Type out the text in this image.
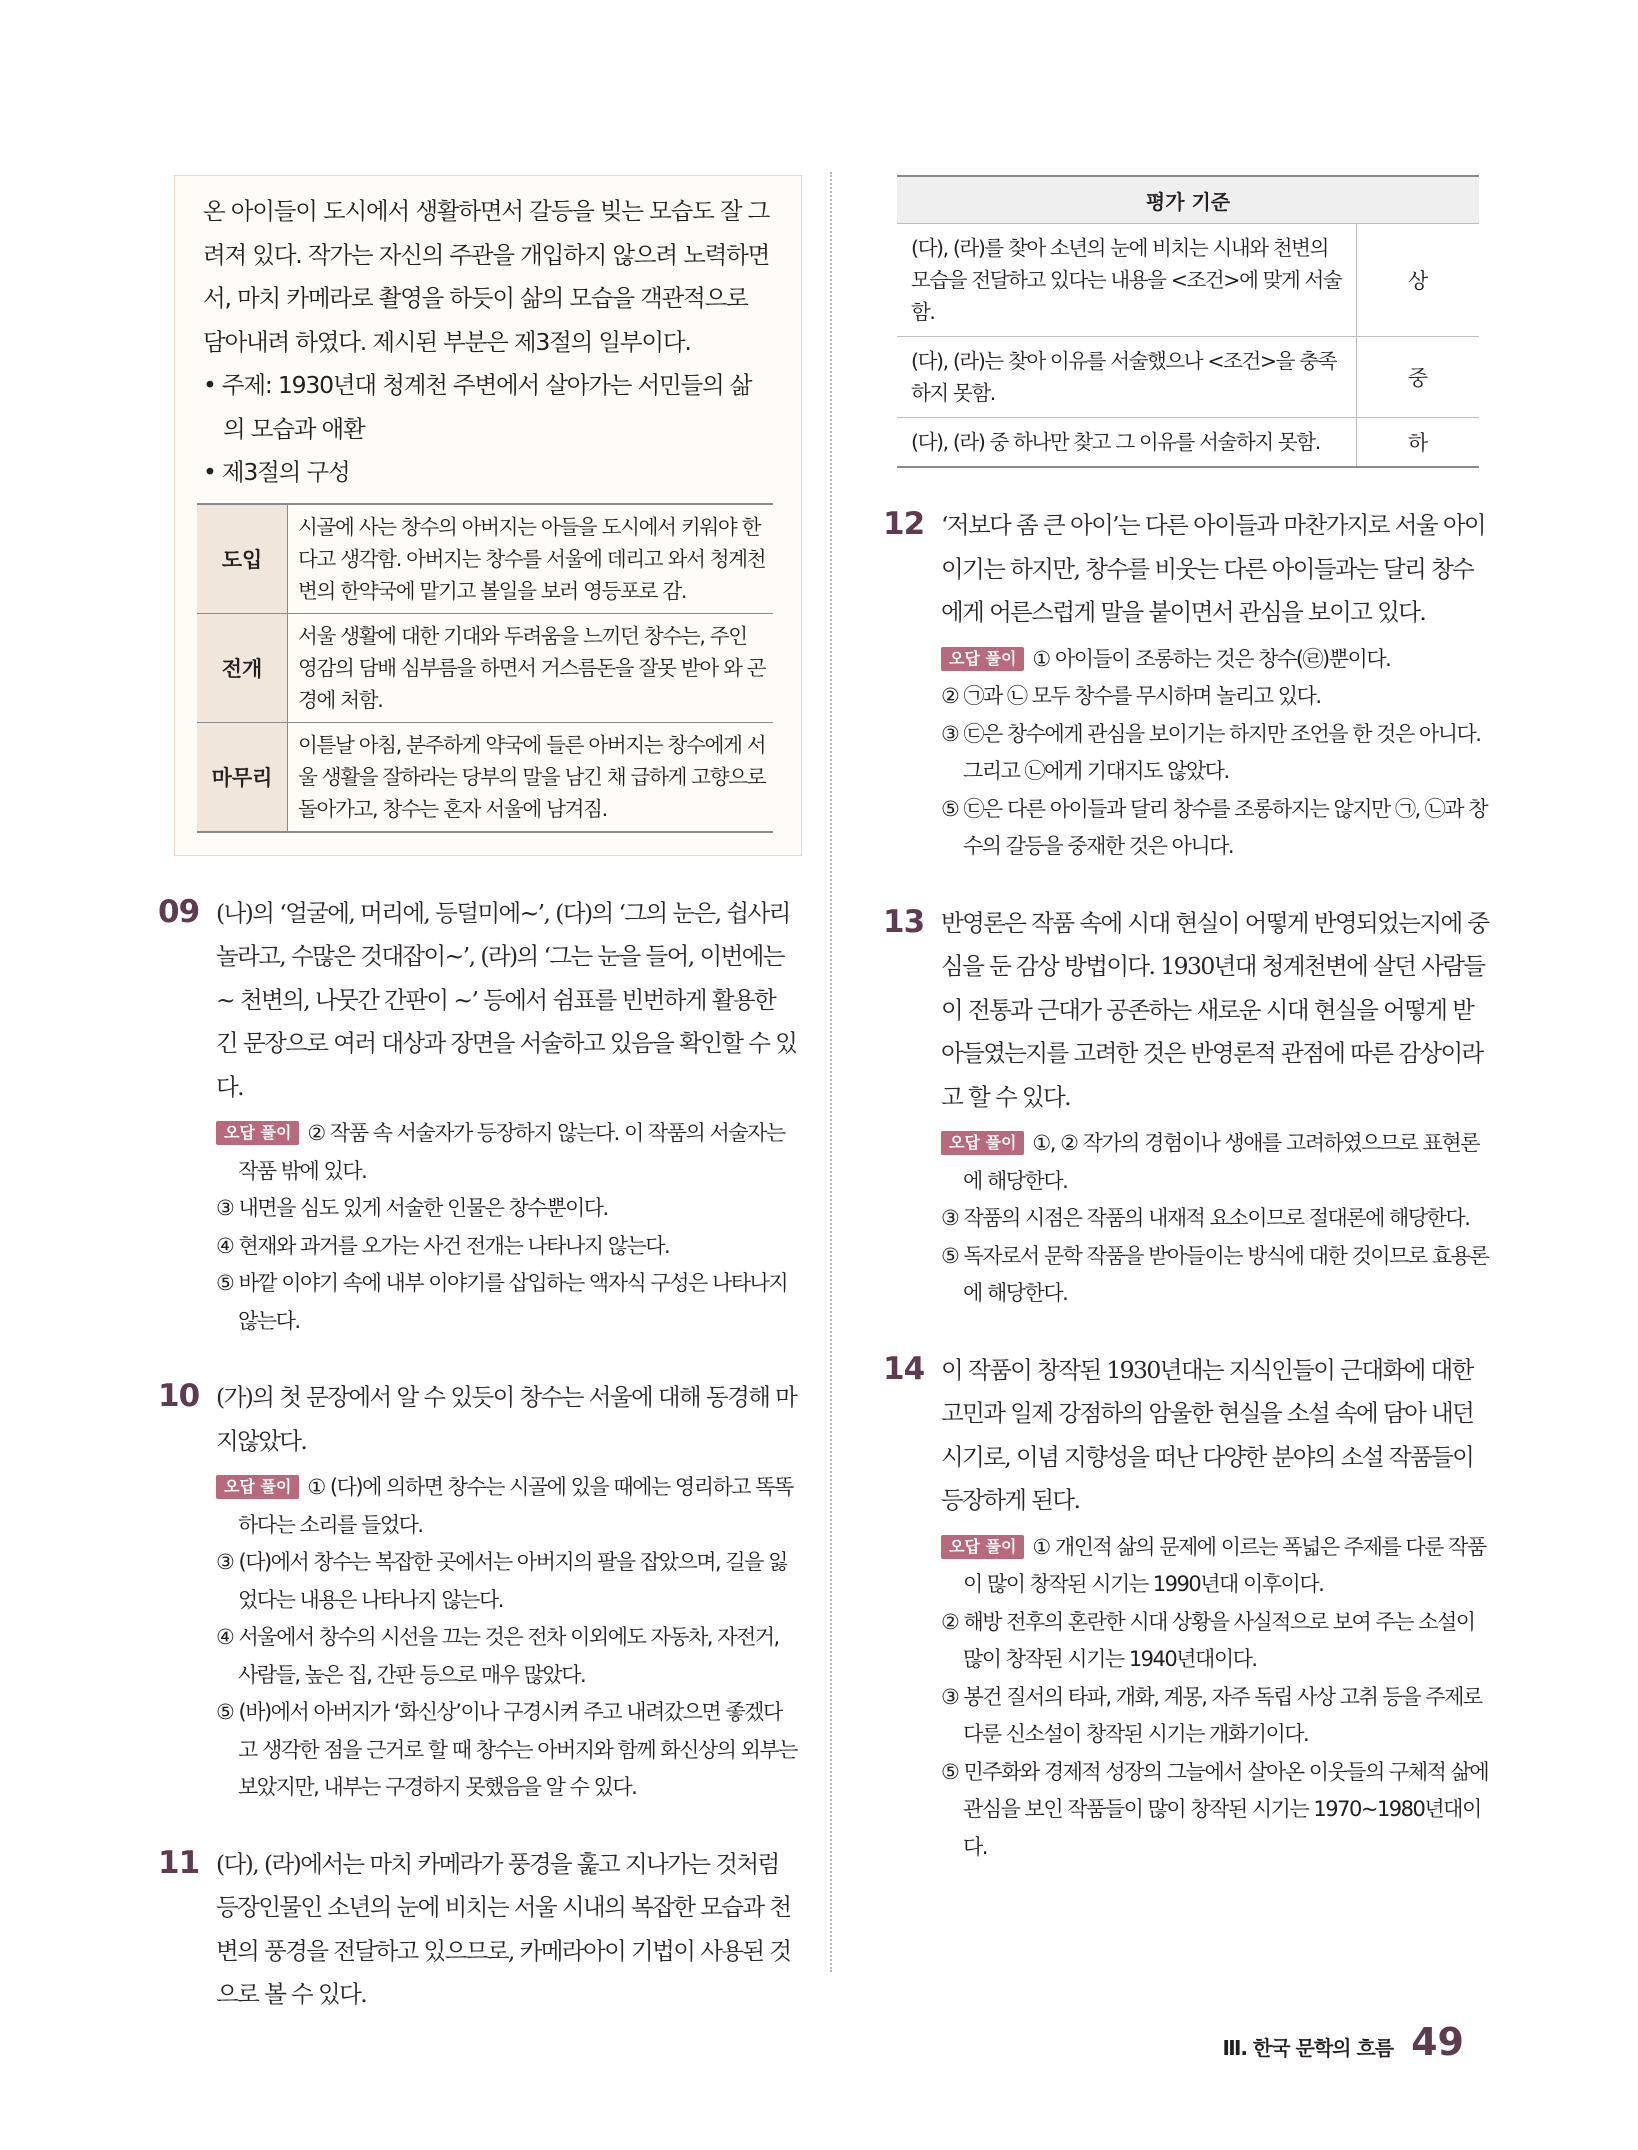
온 아이들이 도시에서 생활하면서 갈등을 빚는 모습도 잘 그려져 있다. 작가는 자신의 주관을 개입하지 않으려 노력하면서, 마치 카메라로 촬영을 하듯이 삶의 모습을 객관적으로 담아내려 하였다. 제시된 부분은 제3절의 일부이다.

• 주제: 1930년대 청계천 주변에서 살아가는 서민들의 삶의 모습과 애환

• 제3절의 구성

도입	시골에 사는 창수의 아버지는 아들을 도시에서 키워야 한다고 생각함. 아버지는 창수를 서울에 데리고 와서 청계천 변의 한약국에 맡기고 볼일을 보러 영등포로 감.
전개	서울 생활에 대한 기대와 두려움을 느끼던 창수는, 주인 영감의 담배 심부름을 하면서 거스름돈을 잘못 받아 와 곤경에 처함.
마무리	이튿날 아침, 분주하게 약국에 들른 아버지는 창수에게 서울 생활을 잘하라는 당부의 말을 남긴 채 급하게 고향으로 돌아가고, 창수는 혼자 서울에 남겨짐.
09 (나)의 ‘얼굴에, 머리에, 등덜미에~’, (다)의 ‘그의 눈은, 쉽사리 놀라고, 수많은 것대잡이~’, (라)의 ‘그는 눈을 들어, 이번에는 ~ 천변의, 나뭇간 간판이 ~’ 등에서 쉼표를 빈번하게 활용한 긴 문장으로 여러 대상과 장면을 서술하고 있음을 확인할 수 있다.

오답 풀이 ② 작품 속 서술자가 등장하지 않는다. 이 작품의 서술자는 작품 밖에 있다.

③ 내면을 심도 있게 서술한 인물은 창수뿐이다.

④ 현재와 과거를 오가는 사건 전개는 나타나지 않는다.

⑤ 바깥 이야기 속에 내부 이야기를 삽입하는 액자식 구성은 나타나지 않는다.

10 (가)의 첫 문장에서 알 수 있듯이 창수는 서울에 대해 동경해 마지않았다.

오답 풀이 ① (다)에 의하면 창수는 시골에 있을 때에는 영리하고 똑똑하다는 소리를 들었다.

③ (다)에서 창수는 복잡한 곳에서는 아버지의 팔을 잡았으며, 길을 잃었다는 내용은 나타나지 않는다.

④ 서울에서 창수의 시선을 끄는 것은 전차 이외에도 자동차, 자전거, 사람들, 높은 집, 간판 등으로 매우 많았다.

⑤ (바)에서 아버지가 ‘화신상’이나 구경시켜 주고 내려갔으면 좋겠다고 생각한 점을 근거로 할 때 창수는 아버지와 함께 화신상의 외부는 보았지만, 내부는 구경하지 못했음을 알 수 있다.

11 (다), (라)에서는 마치 카메라가 풍경을 훑고 지나가는 것처럼 등장인물인 소년의 눈에 비치는 서울 시내의 복잡한 모습과 천변의 풍경을 전달하고 있으므로, 카메라아이 기법이 사용된 것으로 볼 수 있다.

평가 기준	
(다), (라)를 찾아 소년의 눈에 비치는 시내와 천변의 모습을 전달하고 있다는 내용을 <조건>에 맞게 서술함.	상
(다), (라)는 찾아 이유를 서술했으나 <조건>을 충족하지 못함.	중
(다), (라) 중 하나만 찾고 그 이유를 서술하지 못함.	하
12 ‘저보다 좀 큰 아이’는 다른 아이들과 마찬가지로 서울 아이이기는 하지만, 창수를 비웃는 다른 아이들과는 달리 창수에게 어른스럽게 말을 붙이면서 관심을 보이고 있다.

오답 풀이 ① 아이들이 조롱하는 것은 창수(㉣)뿐이다.

② ㉠과 ㉡ 모두 창수를 무시하며 놀리고 있다.

③ ㉢은 창수에게 관심을 보이기는 하지만 조언을 한 것은 아니다. 그리고 ㉡에게 기대지도 않았다.

⑤ ㉢은 다른 아이들과 달리 창수를 조롱하지는 않지만 ㉠, ㉡과 창수의 갈등을 중재한 것은 아니다.

13 반영론은 작품 속에 시대 현실이 어떻게 반영되었는지에 중심을 둔 감상 방법이다. 1930년대 청계천변에 살던 사람들이 전통과 근대가 공존하는 새로운 시대 현실을 어떻게 받아들였는지를 고려한 것은 반영론적 관점에 따른 감상이라고 할 수 있다.

오답 풀이 ①, ② 작가의 경험이나 생애를 고려하였으므로 표현론에 해당한다.

③ 작품의 시점은 작품의 내재적 요소이므로 절대론에 해당한다.

⑤ 독자로서 문학 작품을 받아들이는 방식에 대한 것이므로 효용론에 해당한다.

14 이 작품이 창작된 1930년대는 지식인들이 근대화에 대한 고민과 일제 강점하의 암울한 현실을 소설 속에 담아 내던 시기로, 이념 지향성을 떠난 다양한 분야의 소설 작품들이 등장하게 된다.

오답 풀이 ① 개인적 삶의 문제에 이르는 폭넓은 주제를 다룬 작품이 많이 창작된 시기는 1990년대 이후이다.

② 해방 전후의 혼란한 시대 상황을 사실적으로 보여 주는 소설이 많이 창작된 시기는 1940년대이다.

③ 봉건 질서의 타파, 개화, 계몽, 자주 독립 사상 고취 등을 주제로 다룬 신소설이 창작된 시기는 개화기이다.

⑤ 민주화와 경제적 성장의 그늘에서 살아온 이웃들의 구체적 삶에 관심을 보인 작품들이 많이 창작된 시기는 1970~1980년대이다.

Ⅲ. 한국 문학의 흐름 49
